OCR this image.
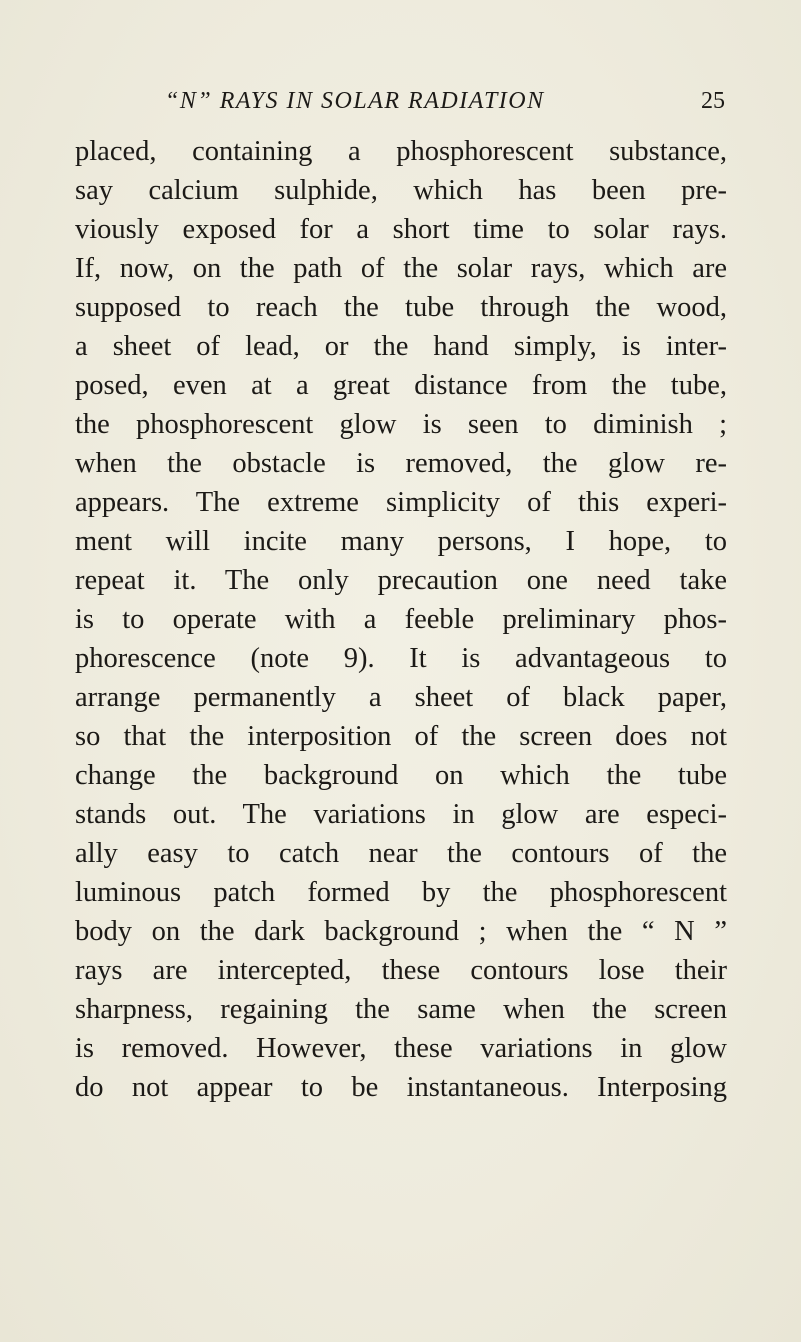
“N” RAYS IN SOLAR RADIATION	25
placed, containing a phosphorescent substance,
say calcium sulphide, which has been pre-
viously exposed for a short time to solar rays.
If, now, on the path of the solar rays, which are
supposed to reach the tube through the wood,
a sheet of lead, or the hand simply, is inter-
posed, even at a great distance from the tube,
the phosphorescent glow is seen to diminish ;
when the obstacle is removed, the glow re-
appears. The extreme simplicity of this experi-
ment will incite many persons, I hope, to
repeat it. The only precaution one need take
is to operate with a feeble preliminary phos-
phorescence (note 9). It is advantageous to
arrange permanently a sheet of black paper,
so that the interposition of the screen does not
change the background on which the tube
stands out. The variations in glow are especi-
ally easy to catch near the contours of the
luminous patch formed by the phosphorescent
body on the dark background ; when the “ N ”
rays are intercepted, these contours lose their
sharpness, regaining the same when the screen
is removed. However, these variations in glow
do not appear to be instantaneous. Interposing
